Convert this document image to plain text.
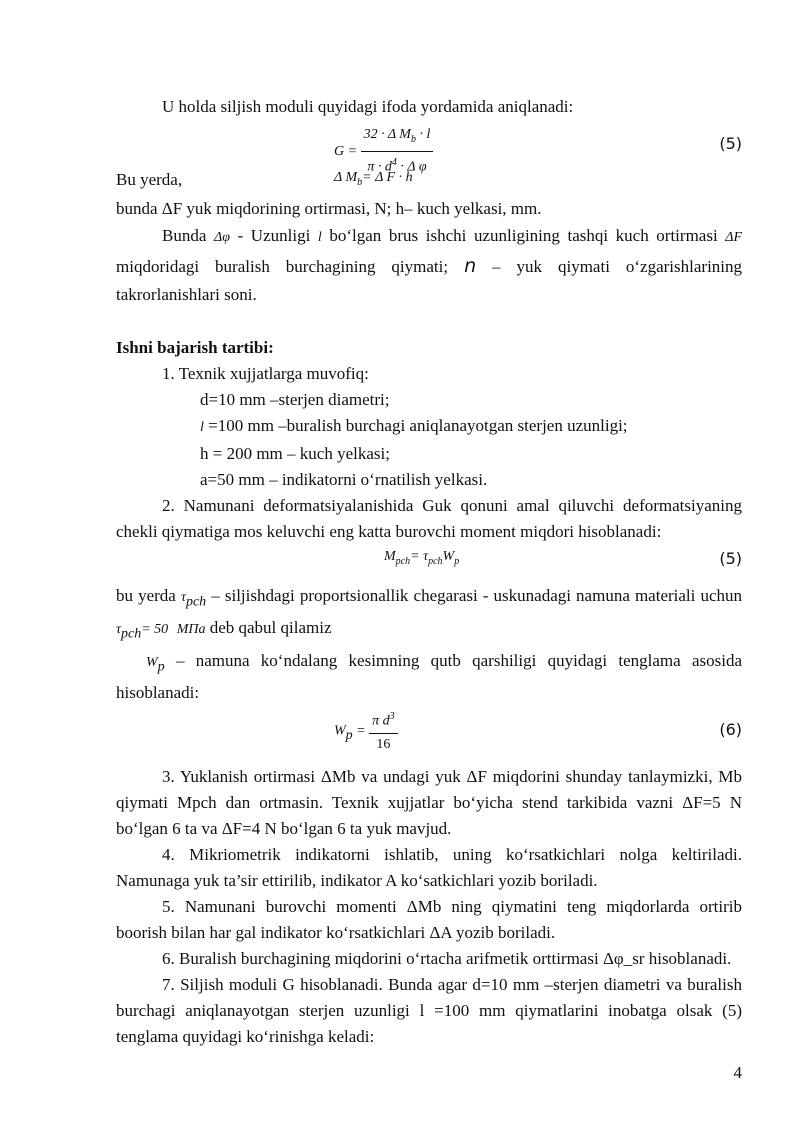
U holda siljish moduli quyidagi ifoda yordamida aniqlanadi:

$G = \frac{32 \cdot \Delta M_b \cdot l}{\pi \cdot d^4 \cdot \Delta \varphi}$	(5)
Bu yerda,	Δ $M_b= \Delta$ F · h

bunda ΔF yuk miqdorining ortirmasi, N; h– kuch yelkasi, mm.

Bunda Δφ - Uzunligi l bo‘lgan brus ishchi uzunligining tashqi kuch ortirmasi ΔF miqdoridagi buralish burchagining qiymati; n – yuk qiymati o‘zgarishlarining takrorlanishlari soni.

Ishni bajarish tartibi:

1. Texnik xujjatlarga muvofiq:

d=10 mm –sterjen diametri;

l =100 mm –buralish burchagi aniqlanayotgan sterjen uzunligi;

h = 200 mm – kuch yelkasi;

a=50 mm – indikatorni o‘rnatilish yelkasi.

2. Namunani deformatsiyalanishida Guk qonuni amal qiluvchi deformatsiyaning chekli qiymatiga mos keluvchi eng katta burovchi moment miqdori hisoblanadi:

$M_{pch}= \tau_{pch}W_p$	(5)

bu yerda $\tau_{pch}$ – siljishdagi proportsionallik chegarasi - uskunadagi namuna materiali uchun $\tau_{pch}= 50$ МПа deb qabul qilamiz

$W_p$ – namuna ko‘ndalang kesimning qutb qarshiligi quyidagi tenglama asosida hisoblanadi:

$W_p = \frac{\pi d^3}{16}$	(6)

3. Yuklanish ortirmasi ΔMb va undagi yuk ΔF miqdorini shunday tanlaymizki, Mb qiymati Mpch dan ortmasin. Texnik xujjatlar bo‘yicha stend tarkibida vazni ΔF=5 N bo‘lgan 6 ta va ΔF=4 N bo‘lgan 6 ta yuk mavjud.

4. Mikriometrik indikatorni ishlatib, uning ko‘rsatkichlari nolga keltiriladi. Namunaga yuk ta’sir ettirilib, indikator A ko‘satkichlari yozib boriladi.

5. Namunani burovchi momenti ΔMb ning qiymatini teng miqdorlarda ortirib boorish bilan har gal indikator ko‘rsatkichlari ΔA yozib boriladi.

6. Buralish burchagining miqdorini o‘rtacha arifmetik orttirmasi Δφ_sr hisoblanadi.

7. Siljish moduli G hisoblanadi. Bunda agar d=10 mm –sterjen diametri va buralish burchagi aniqlanayotgan sterjen uzunligi l =100 mm qiymatlarini inobatga olsak (5) tenglama quyidagi ko‘rinishga keladi:

4
